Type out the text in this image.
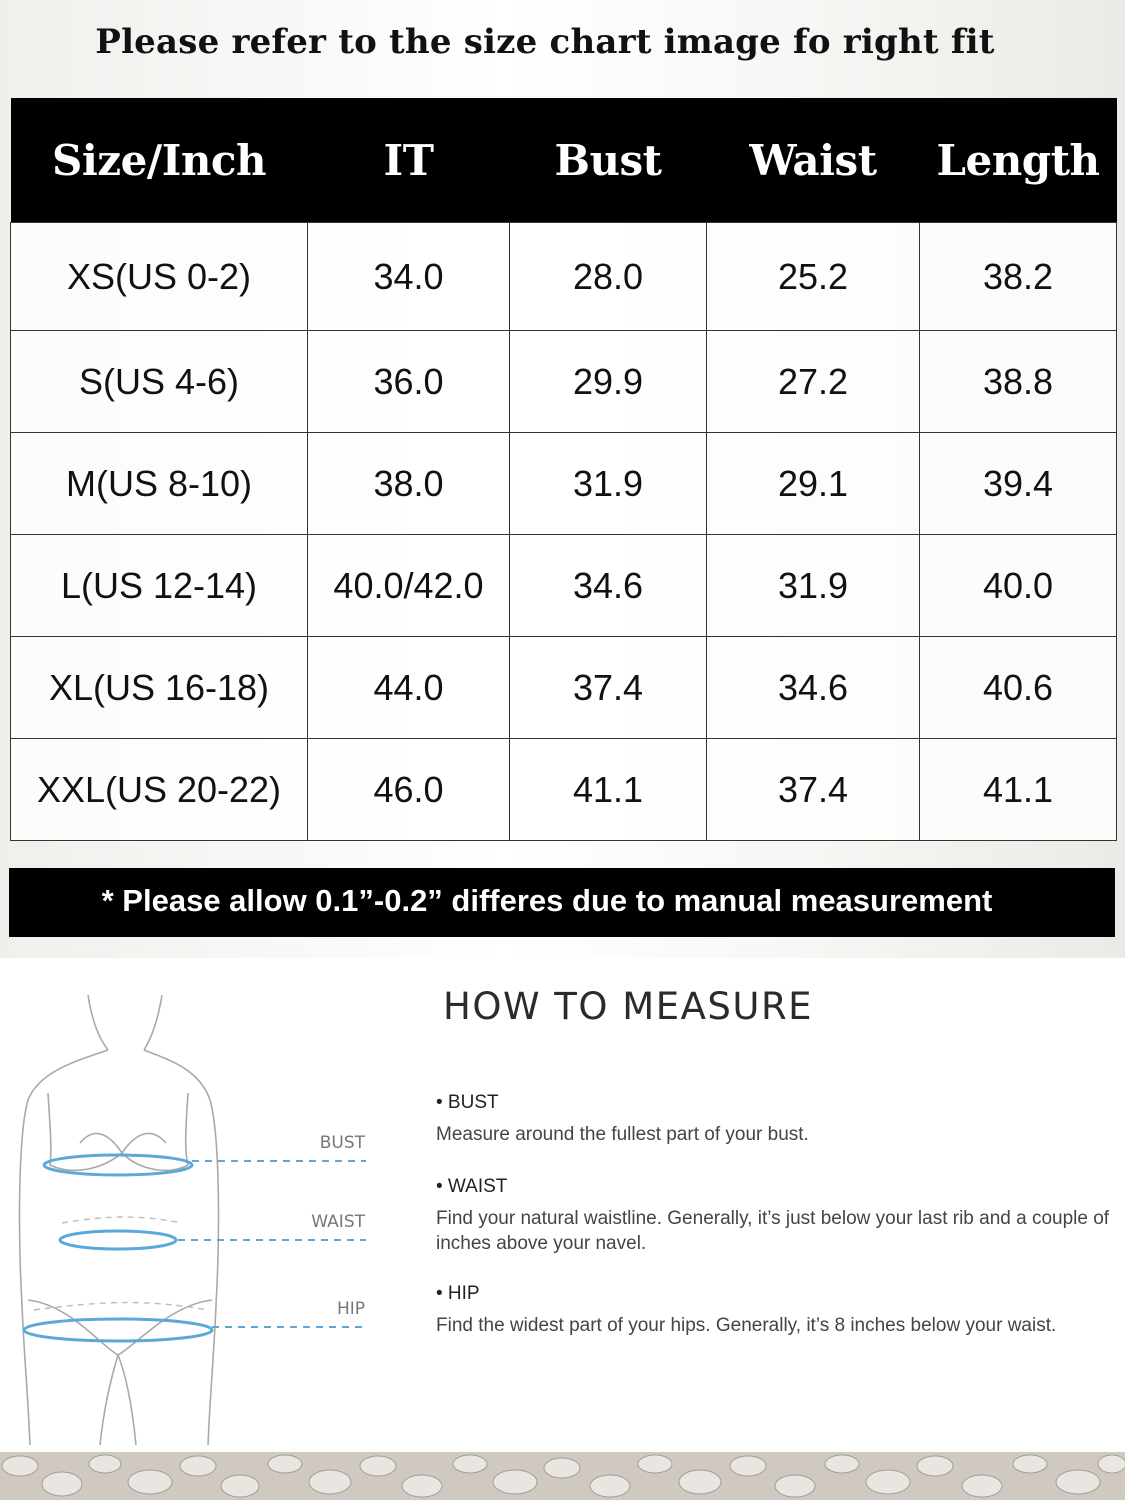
Please refer to the size chart image fo right fit
Size/Inch	IT	Bust	Waist	Length
XS(US 0-2)	34.0	28.0	25.2	38.2
S(US 4-6)	36.0	29.9	27.2	38.8
M(US 8-10)	38.0	31.9	29.1	39.4
L(US 12-14)	40.0/42.0	34.6	31.9	40.0
XL(US 16-18)	44.0	37.4	34.6	40.6
XXL(US 20-22)	46.0	41.1	37.4	41.1
* Please allow 0.1”-0.2” differes due to manual measurement
HOW TO MEASURE
BUST
WAIST
HIP
• BUST
Measure around the fullest part of your bust.
• WAIST
Find your natural waistline. Generally, it’s just below your last rib and a couple of inches above your navel.
• HIP
Find the widest part of your hips. Generally, it’s 8 inches below your waist.
